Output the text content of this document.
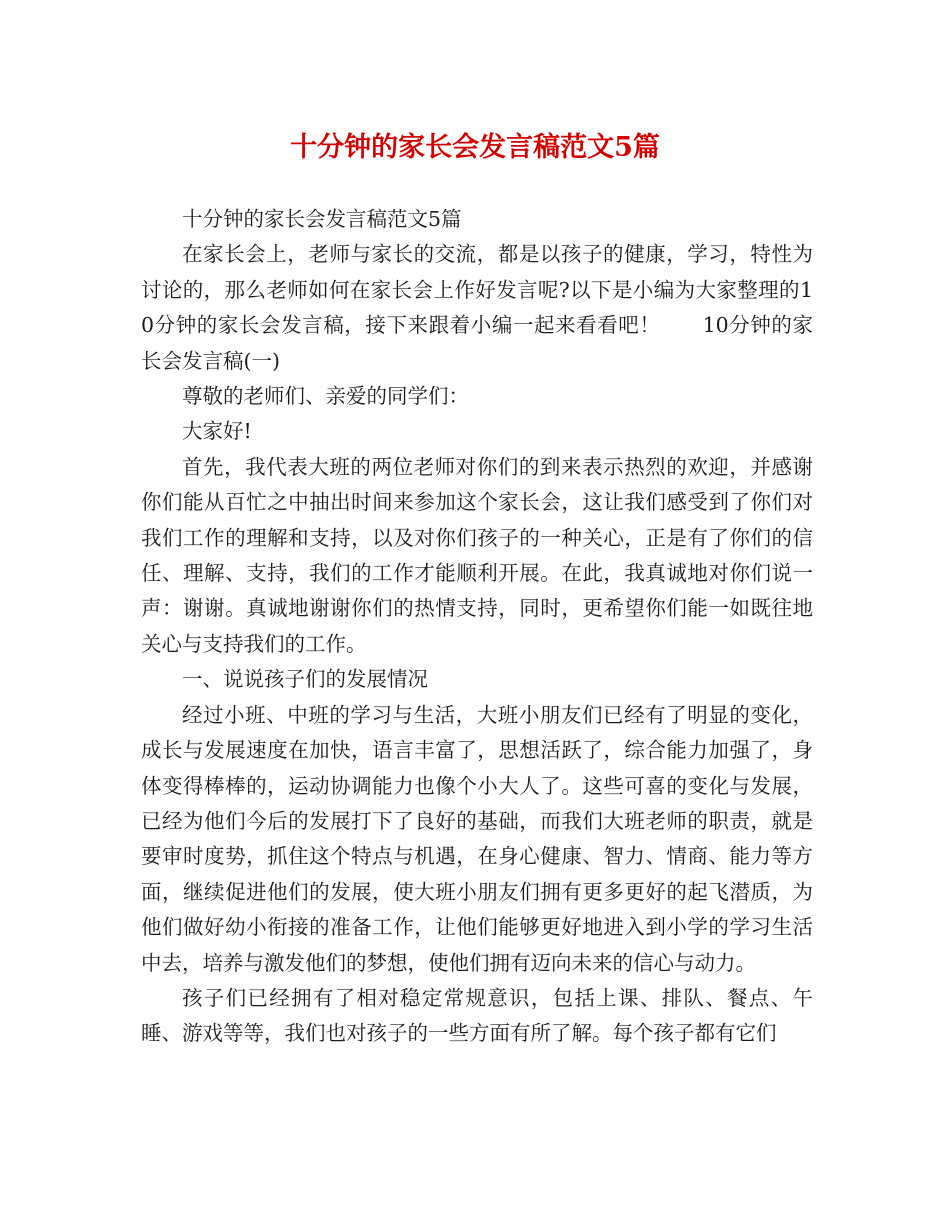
十分钟的家长会发言稿范文5篇

十分钟的家长会发言稿范文5篇

在家长会上，老师与家长的交流，都是以孩子的健康，学习，特性为讨论的，那么老师如何在家长会上作好发言呢?以下是小编为大家整理的10分钟的家长会发言稿，接下来跟着小编一起来看看吧！　　10分钟的家长会发言稿(一)

尊敬的老师们、亲爱的同学们：

大家好!

首先，我代表大班的两位老师对你们的到来表示热烈的欢迎，并感谢你们能从百忙之中抽出时间来参加这个家长会，这让我们感受到了你们对我们工作的理解和支持，以及对你们孩子的一种关心，正是有了你们的信任、理解、支持，我们的工作才能顺利开展。在此，我真诚地对你们说一声：谢谢。真诚地谢谢你们的热情支持，同时，更希望你们能一如既往地关心与支持我们的工作。

一、说说孩子们的发展情况

经过小班、中班的学习与生活，大班小朋友们已经有了明显的变化，成长与发展速度在加快，语言丰富了，思想活跃了，综合能力加强了，身体变得棒棒的，运动协调能力也像个小大人了。这些可喜的变化与发展，已经为他们今后的发展打下了良好的基础，而我们大班老师的职责，就是要审时度势，抓住这个特点与机遇，在身心健康、智力、情商、能力等方面，继续促进他们的发展，使大班小朋友们拥有更多更好的起飞潜质，为他们做好幼小衔接的准备工作，让他们能够更好地进入到小学的学习生活中去，培养与激发他们的梦想，使他们拥有迈向未来的信心与动力。

孩子们已经拥有了相对稳定常规意识，包括上课、排队、餐点、午睡、游戏等等，我们也对孩子的一些方面有所了解。每个孩子都有它们
